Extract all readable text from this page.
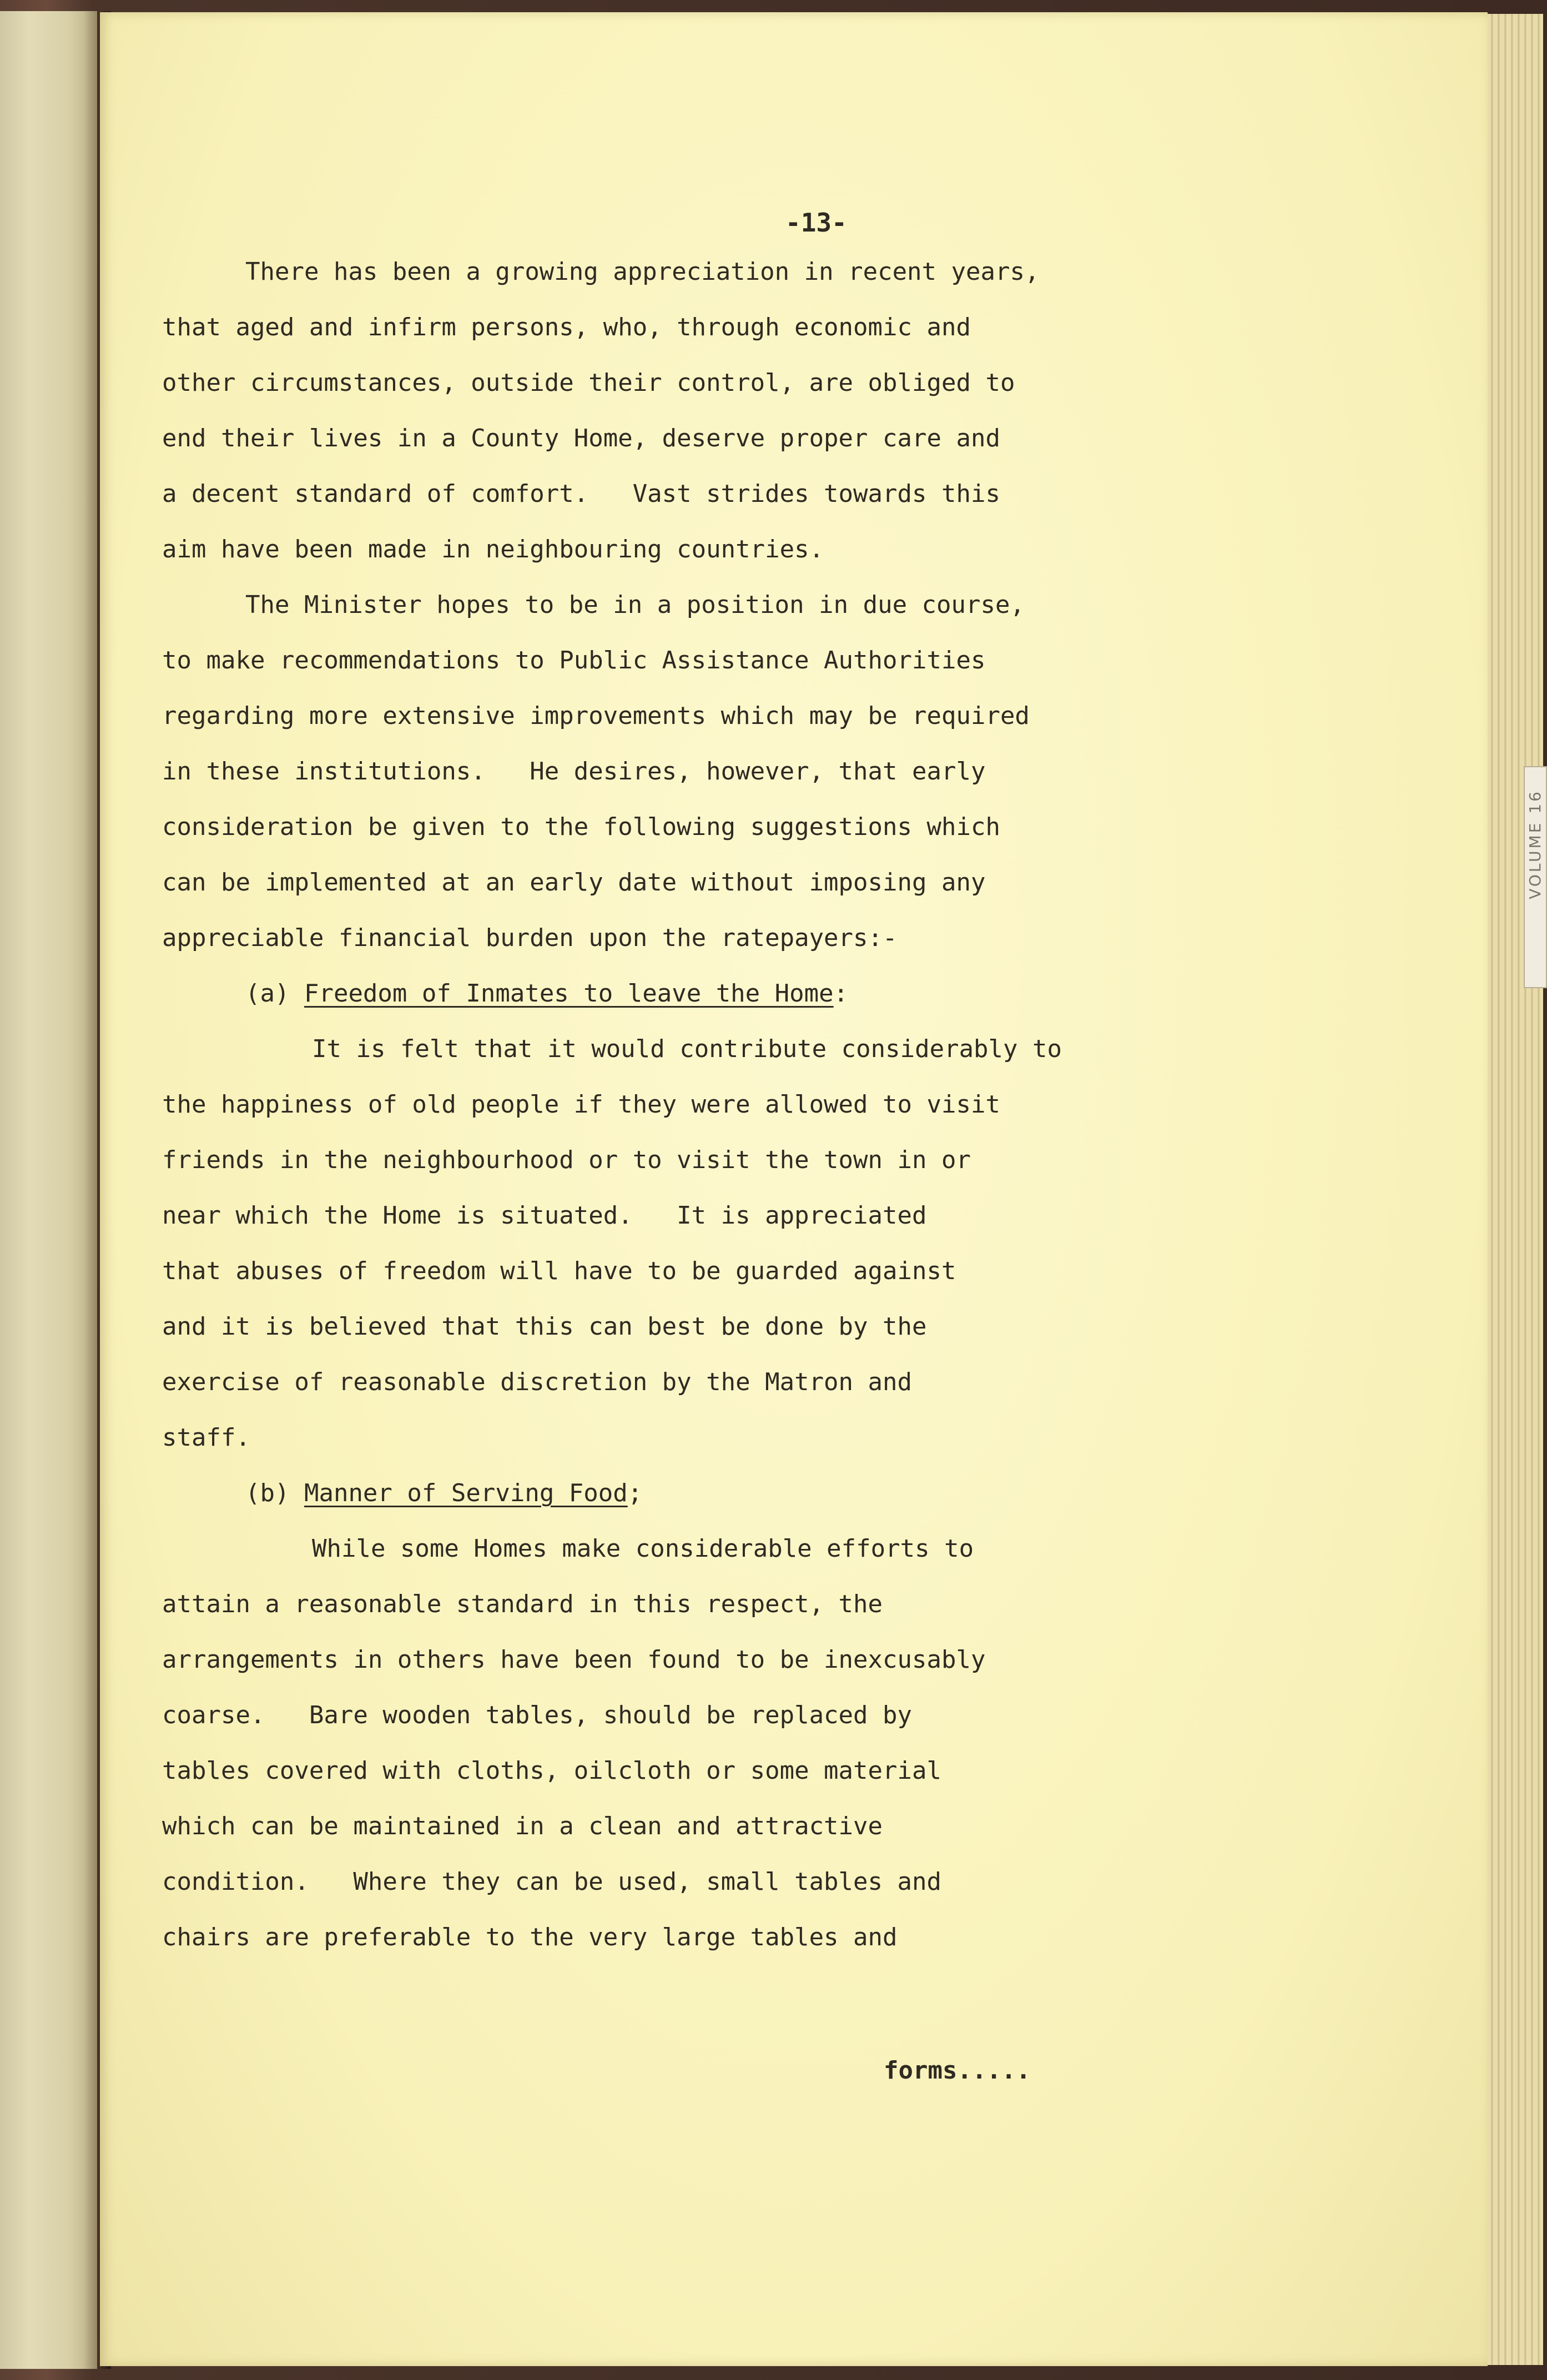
VOLUME 16
-13-

There has been a growing appreciation in recent years,

that aged and infirm persons, who, through economic and

other circumstances, outside their control, are obliged to

end their lives in a County Home, deserve proper care and

a decent standard of comfort.   Vast strides towards this

aim have been made in neighbouring countries.

The Minister hopes to be in a position in due course,

to make recommendations to Public Assistance Authorities

regarding more extensive improvements which may be required

in these institutions.   He desires, however, that early

consideration be given to the following suggestions which

can be implemented at an early date without imposing any

appreciable financial burden upon the ratepayers:-

(a) Freedom of Inmates to leave the Home:

It is felt that it would contribute considerably to

the happiness of old people if they were allowed to visit

friends in the neighbourhood or to visit the town in or

near which the Home is situated.   It is appreciated

that abuses of freedom will have to be guarded against

and it is believed that this can best be done by the

exercise of reasonable discretion by the Matron and

staff.

(b) Manner of Serving Food;

While some Homes make considerable efforts to

attain a reasonable standard in this respect, the

arrangements in others have been found to be inexcusably

coarse.   Bare wooden tables, should be replaced by

tables covered with cloths, oilcloth or some material

which can be maintained in a clean and attractive

condition.   Where they can be used, small tables and

chairs are preferable to the very large tables and

forms.....
